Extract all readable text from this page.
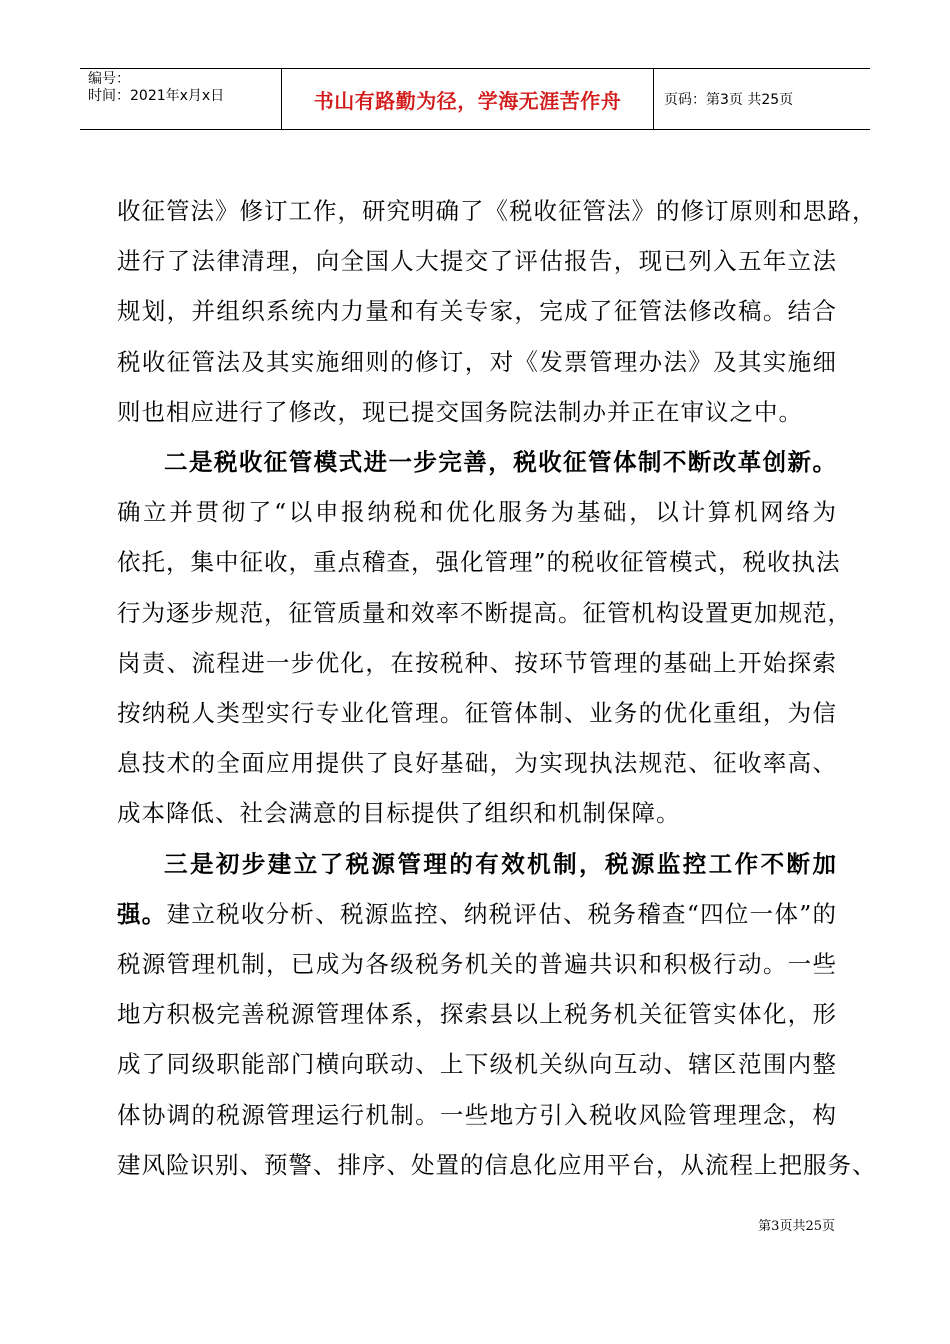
编号：
时间：2021年x月x日	书山有路勤为径，学海无涯苦作舟	页码：第3页 共25页
收征管法》修订工作，研究明确了《税收征管法》的修订原则和思路，
进行了法律清理，向全国人大提交了评估报告，现已列入五年立法
规划，并组织系统内力量和有关专家，完成了征管法修改稿。结合
税收征管法及其实施细则的修订，对《发票管理办法》及其实施细
则也相应进行了修改，现已提交国务院法制办并正在审议之中。
二是税收征管模式进一步完善，税收征管体制不断改革创新。
确立并贯彻了“以申报纳税和优化服务为基础，以计算机网络为
依托，集中征收，重点稽查，强化管理”的税收征管模式，税收执法
行为逐步规范，征管质量和效率不断提高。征管机构设置更加规范，
岗责、流程进一步优化，在按税种、按环节管理的基础上开始探索
按纳税人类型实行专业化管理。征管体制、业务的优化重组，为信
息技术的全面应用提供了良好基础，为实现执法规范、征收率高、
成本降低、社会满意的目标提供了组织和机制保障。
三是初步建立了税源管理的有效机制，税源监控工作不断加
强。建立税收分析、税源监控、纳税评估、税务稽查“四位一体”的
税源管理机制，已成为各级税务机关的普遍共识和积极行动。一些
地方积极完善税源管理体系，探索县以上税务机关征管实体化，形
成了同级职能部门横向联动、上下级机关纵向互动、辖区范围内整
体协调的税源管理运行机制。一些地方引入税收风险管理理念，构
建风险识别、预警、排序、处置的信息化应用平台，从流程上把服务、
第3页共25页
